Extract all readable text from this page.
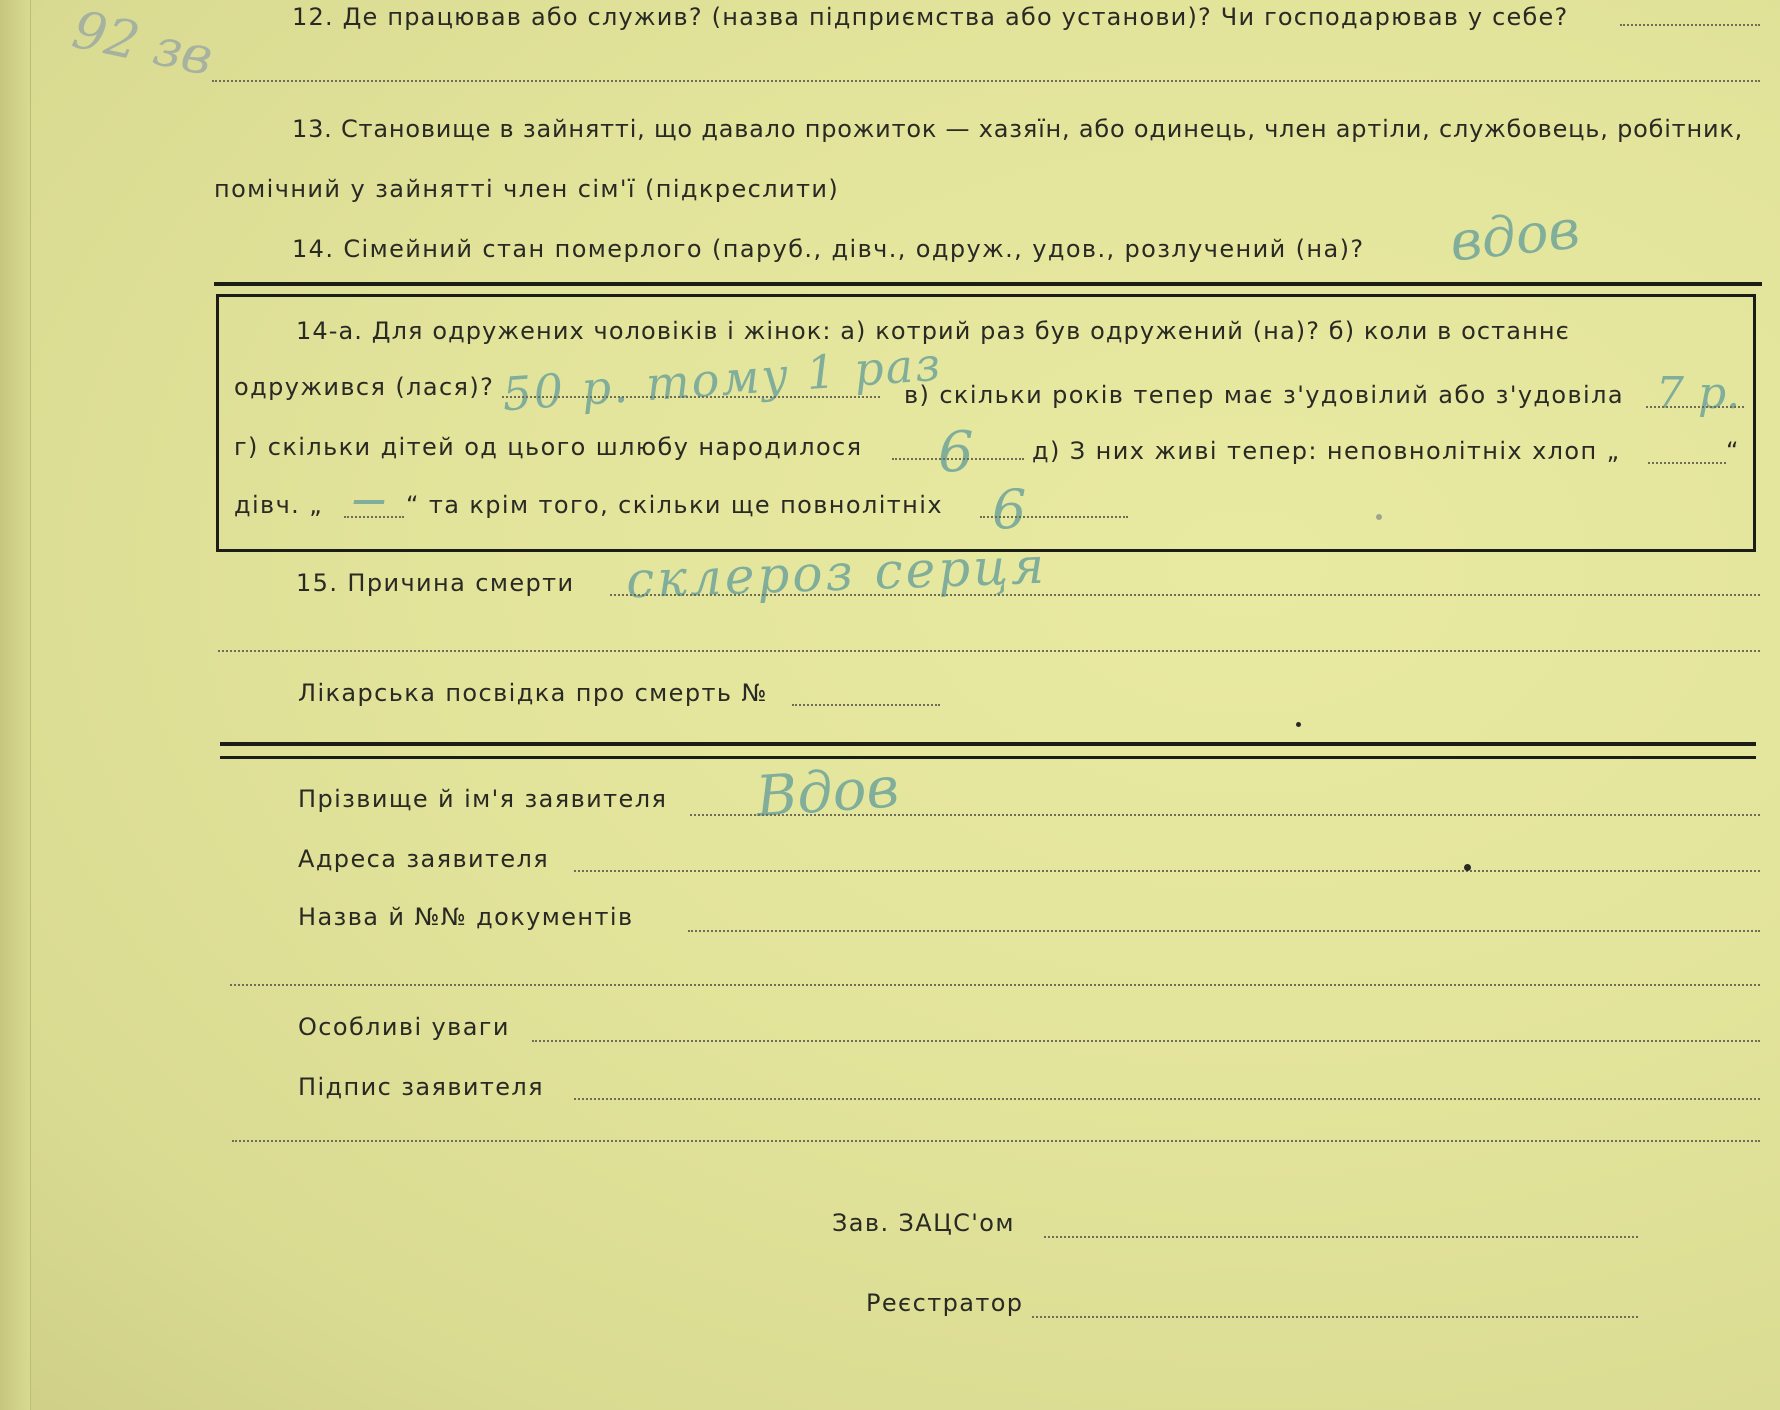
92 зв	12. Де працював або служив? (назва підприємства або установи)? Чи господарював у себе?
13. Становище в зайнятті, що давало прожиток — хазяїн, або одинець, член артіли, службовець, робітник,
помічний у зайнятті член сім'ї (підкреслити)
14. Сімейний стан померлого (паруб., дівч., одруж., удов., розлучений (на)? вдов
14-а. Для одружених чоловіків і жінок: а) котрий раз був одружений (на)? б) коли в останнє
одружився (лася)? 50 р. тому 1 раз
в) скільки років тепер має з'удовілий або з'удовіла 7 р.
г) скільки дітей од цього шлюбу народилося 6 д) З них живі тепер: неповнолітніх хлоп „	“
дівч. „ — “ та крім того, скільки ще повнолітніх 6
15. Причина смерти склероз серця
Лікарська посвідка про смерть №
Прізвище й ім'я заявителя Вдов
Адреса заявителя
Назва й №№ документів
Особливі уваги
Підпис заявителя
Зав. ЗАЦС'ом
Реєстратор
